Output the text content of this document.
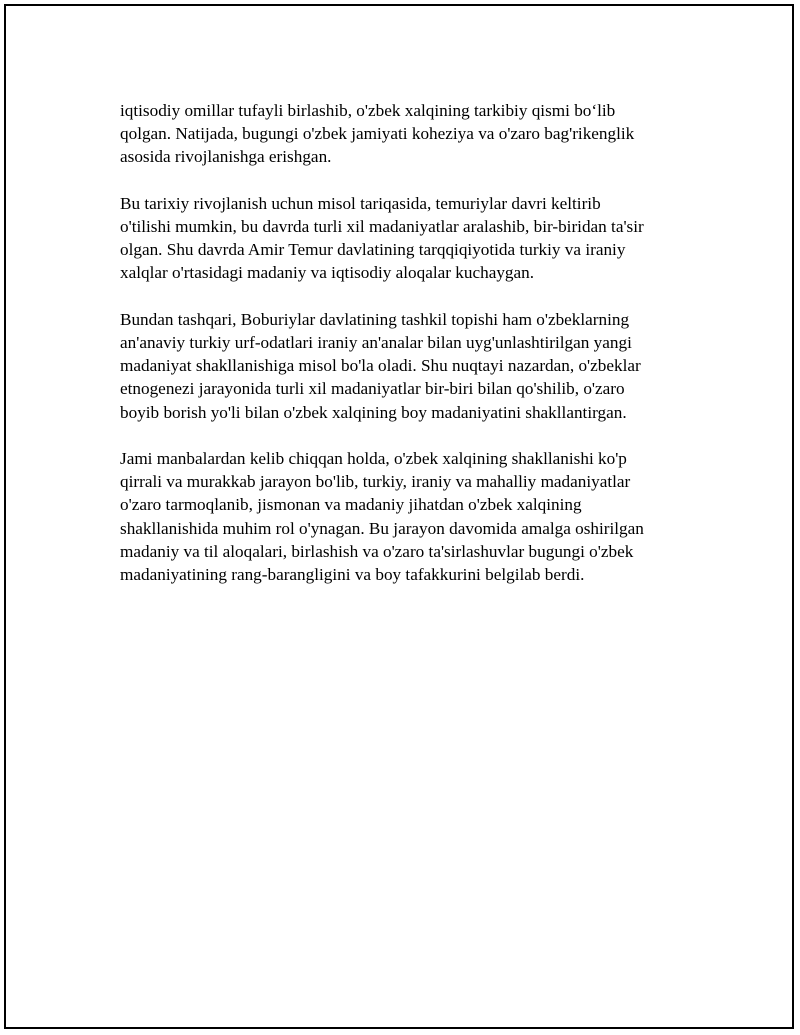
iqtisodiy omillar tufayli birlashib, o'zbek xalqining tarkibiy qismi bo‘lib
qolgan. Natijada, bugungi o'zbek jamiyati koheziya va o'zaro bag'rikenglik
asosida rivojlanishga erishgan.

Bu tarixiy rivojlanish uchun misol tariqasida, temuriylar davri keltirib
o'tilishi mumkin, bu davrda turli xil madaniyatlar aralashib, bir-biridan ta'sir
olgan. Shu davrda Amir Temur davlatining tarqqiqiyotida turkiy va iraniy
xalqlar o'rtasidagi madaniy va iqtisodiy aloqalar kuchaygan.

Bundan tashqari, Boburiylar davlatining tashkil topishi ham o'zbeklarning
an'anaviy turkiy urf-odatlari iraniy an'analar bilan uyg'unlashtirilgan yangi
madaniyat shakllanishiga misol bo'la oladi. Shu nuqtayi nazardan, o'zbeklar
etnogenezi jarayonida turli xil madaniyatlar bir-biri bilan qo'shilib, o'zaro
boyib borish yo'li bilan o'zbek xalqining boy madaniyatini shakllantirgan.

Jami manbalardan kelib chiqqan holda, o'zbek xalqining shakllanishi ko'p
qirrali va murakkab jarayon bo'lib, turkiy, iraniy va mahalliy madaniyatlar
o'zaro tarmoqlanib, jismonan va madaniy jihatdan o'zbek xalqining
shakllanishida muhim rol o'ynagan. Bu jarayon davomida amalga oshirilgan
madaniy va til aloqalari, birlashish va o'zaro ta'sirlashuvlar bugungi o'zbek
madaniyatining rang-barangligini va boy tafakkurini belgilab berdi.
